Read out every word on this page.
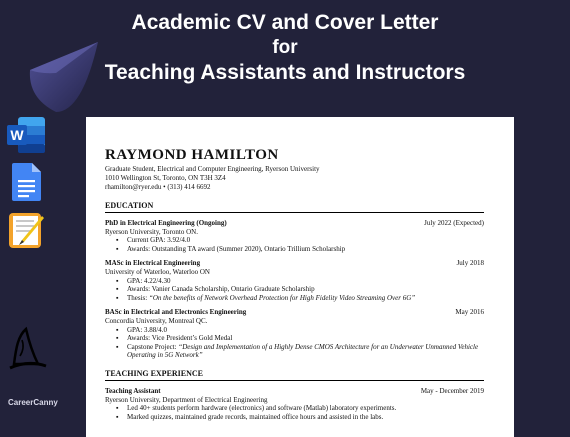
Academic CV and Cover Letter
for
Teaching Assistants and Instructors
W
CareerCanny
RAYMOND HAMILTON
Graduate Student, Electrical and Computer Engineering, Ryerson University
1010 Wellington St, Toronto, ON T3H 3Z4
rhamilton@ryer.edu • (313) 414 6692
EDUCATION
PhD in Electrical Engineering (Ongoing)	July 2022 (Expected)
Ryerson University, Toronto ON.
▪ Current GPA: 3.92/4.0
▪ Awards: Outstanding TA award (Summer 2020), Ontario Trillium Scholarship
MASc in Electrical Engineering	July 2018
University of Waterloo, Waterloo ON
▪ GPA: 4.22/4.30
▪ Awards: Vanier Canada Scholarship, Ontario Graduate Scholarship
▪ Thesis: “On the benefits of Network Overhead Protection for High Fidelity Video Streaming Over 6G”
BASc in Electrical and Electronics Engineering	May 2016
Concordia University, Montreal QC.
▪ GPA: 3.88/4.0
▪ Awards: Vice President’s Gold Medal
▪ Capstone Project: “Design and Implementation of a Highly Dense CMOS Architecture for an Underwater Unmanned Vehicle Operating in 5G Network”
TEACHING EXPERIENCE
Teaching Assistant	May - December 2019
Ryerson University, Department of Electrical Engineering
▪ Led 40+ students perform hardware (electronics) and software (Matlab) laboratory experiments.
▪ Marked quizzes, maintained grade records, maintained office hours and assisted in the labs.
